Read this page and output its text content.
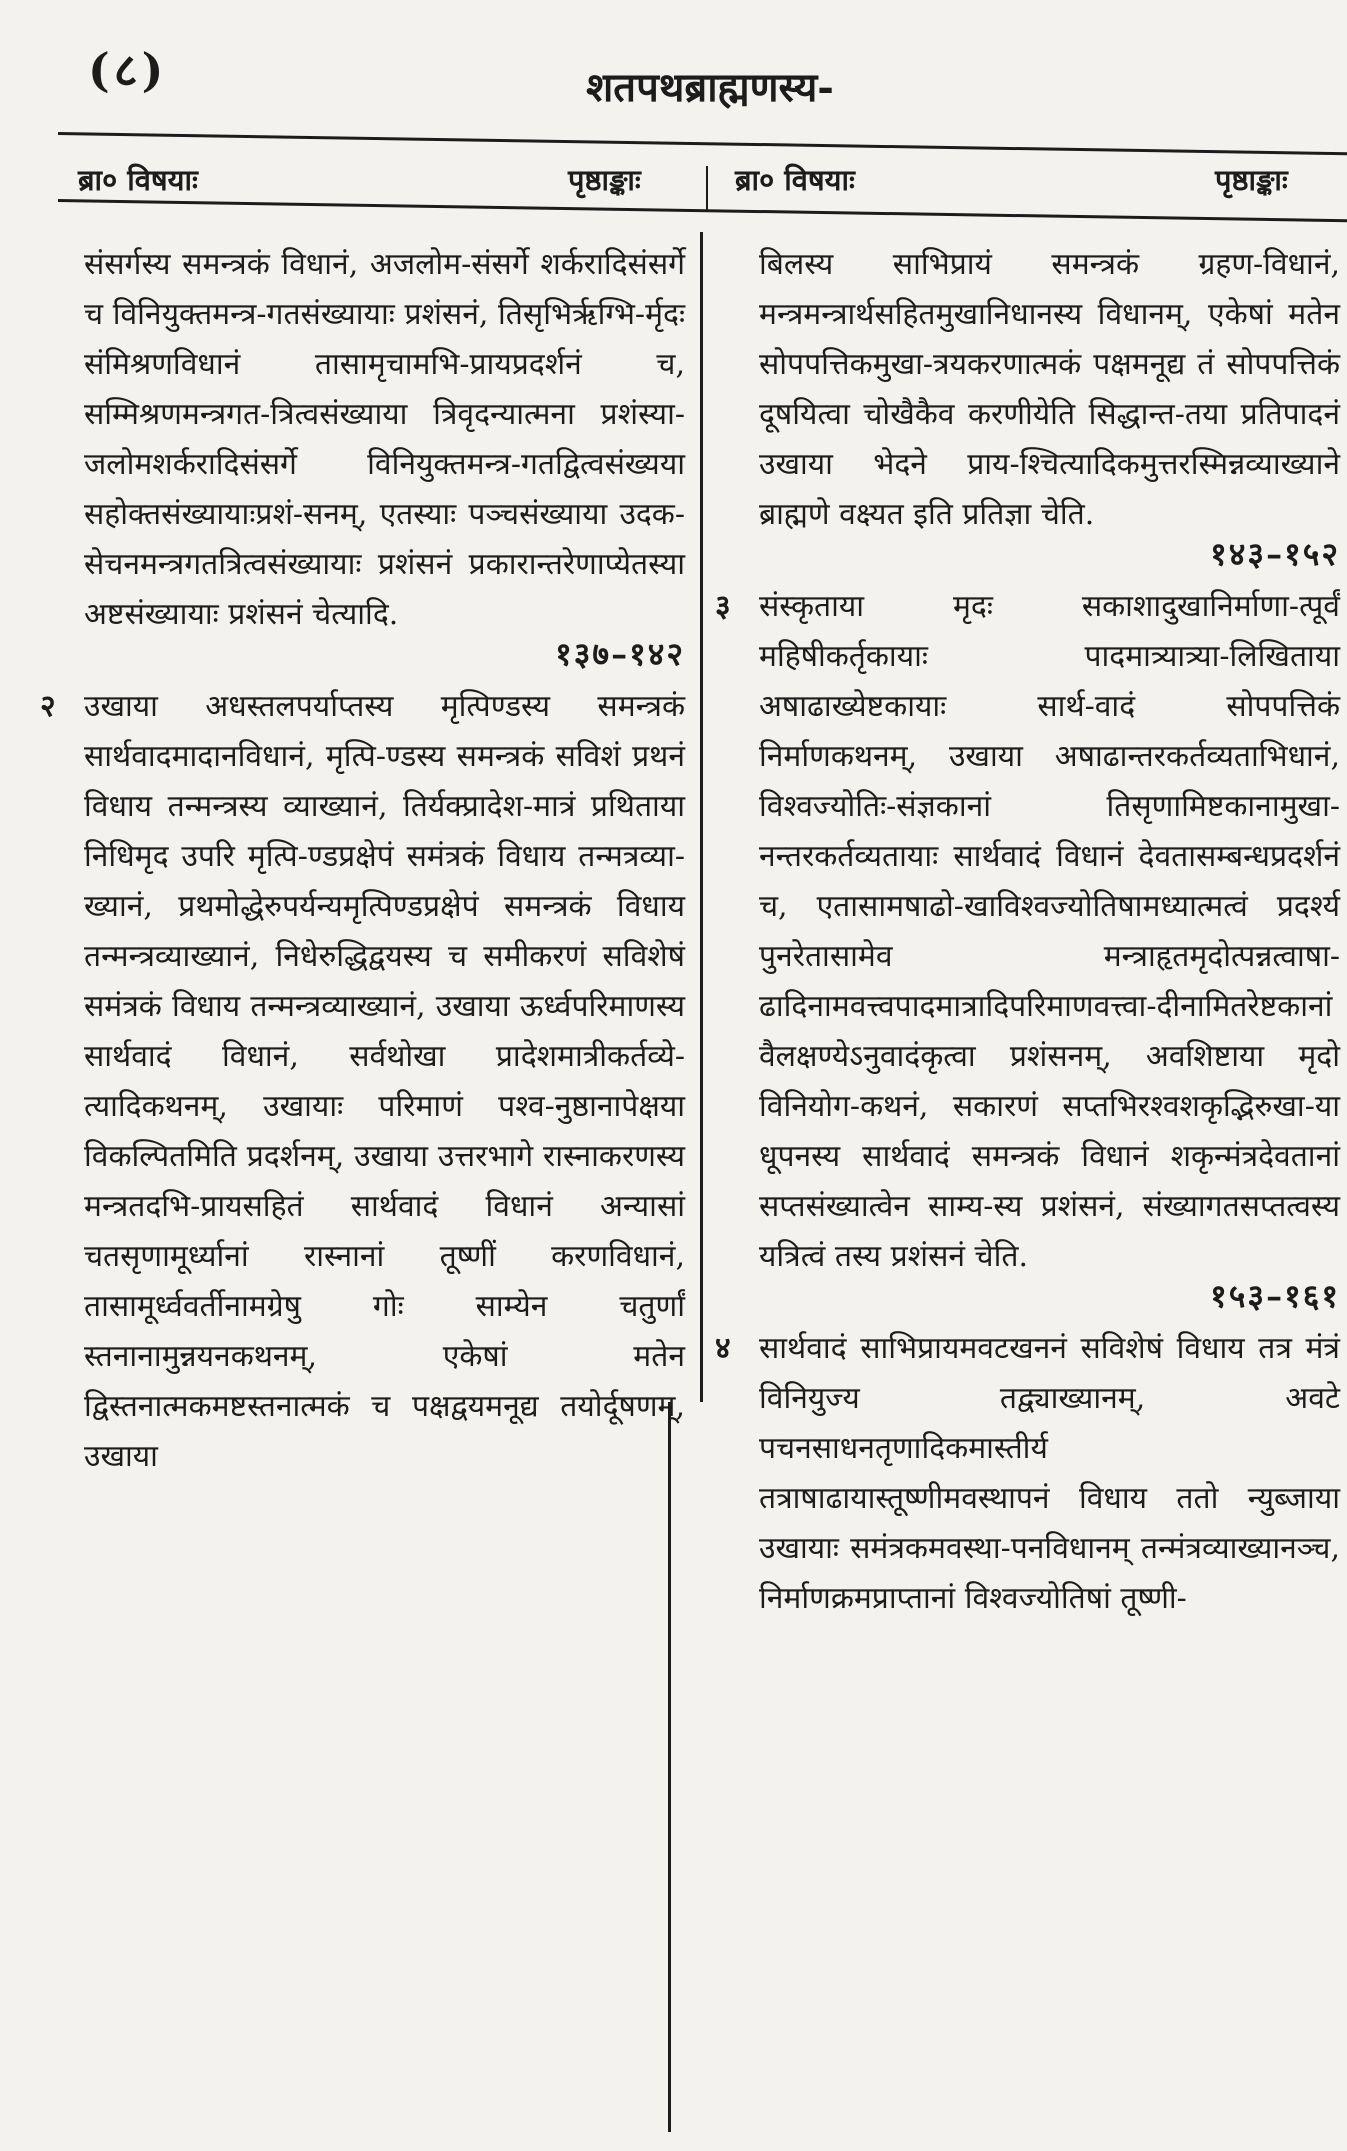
(८)	शतपथब्राह्मणस्य-
ब्रा० विषयाः	पृष्ठाङ्काः	ब्रा० विषयाः	पृष्ठाङ्काः
संसर्गस्य समन्त्रकं विधानं, अजलोम-संसर्गे शर्करादिसंसर्गे च विनियुक्तमन्त्र-गतसंख्यायाः प्रशंसनं, तिसृभिर्ऋग्भि-र्मृदः संमिश्रणविधानं तासामृचामभि-प्रायप्रदर्शनं च, सम्मिश्रणमन्त्रगत-त्रित्वसंख्याया त्रिवृदन्यात्मना प्रशंस्या-जलोमशर्करादिसंसर्गे विनियुक्तमन्त्र-गतद्वित्वसंख्यया सहोक्तसंख्यायाःप्रशं-सनम्, एतस्याः पञ्चसंख्याया उदक-सेचनमन्त्रगतत्रित्वसंख्यायाः प्रशंसनं प्रकारान्तरेणाप्येतस्या अष्टसंख्यायाः प्रशंसनं चेत्यादि.
१३७–१४२
२ उखाया अधस्तलपर्याप्तस्य मृत्पिण्डस्य समन्त्रकं सार्थवादमादानविधानं, मृत्पि-ण्डस्य समन्त्रकं सविशं प्रथनं विधाय तन्मन्त्रस्य व्याख्यानं, तिर्यक्प्रादेश-मात्रं प्रथिताया निधिमृद उपरि मृत्पि-ण्डप्रक्षेपं समंत्रकं विधाय तन्मत्रव्या-ख्यानं, प्रथमोद्धेरुपर्यन्यमृत्पिण्डप्रक्षेपं समन्त्रकं विधाय तन्मन्त्रव्याख्यानं, निधेरुद्धिद्वयस्य च समीकरणं सविशेषं समंत्रकं विधाय तन्मन्त्रव्याख्यानं, उखाया ऊर्ध्वपरिमाणस्य सार्थवादं विधानं, सर्वथोखा प्रादेशमात्रीकर्तव्ये-त्यादिकथनम्, उखायाः परिमाणं पश्व-नुष्ठानापेक्षया विकल्पितमिति प्रदर्शनम्, उखाया उत्तरभागे रास्नाकरणस्य मन्त्रतदभि-प्रायसहितं सार्थवादं विधानं अन्यासां चतसृणामूर्ध्यानां रास्नानां तूष्णीं करणविधानं, तासामूर्ध्ववर्तीनामग्रेषु गोः साम्येन चतुर्णां स्तनानामुन्नयनकथनम्, एकेषां मतेन द्विस्तनात्मकमष्टस्तनात्मकं च पक्षद्वयमनूद्य तयोर्दूषणम्, उखाया
बिलस्य साभिप्रायं समन्त्रकं ग्रहण-विधानं, मन्त्रमन्त्रार्थसहितमुखानिधानस्य विधानम्, एकेषां मतेन सोपपत्तिकमुखा-त्रयकरणात्मकं पक्षमनूद्य तं सोपपत्तिकं दूषयित्वा चोखैकैव करणीयेति सिद्धान्त-तया प्रतिपादनं उखाया भेदने प्राय-श्चित्यादिकमुत्तरस्मिन्नव्याख्याने ब्राह्मणे वक्ष्यत इति प्रतिज्ञा चेति.
१४३–१५२
३ संस्कृताया मृदः सकाशादुखानिर्माणा-त्पूर्वं महिषीकर्तृकायाः पादमात्र्यात्र्या-लिखिताया अषाढाख्येष्टकायाः सार्थ-वादं सोपपत्तिकं निर्माणकथनम्, उखाया अषाढान्तरकर्तव्यताभिधानं, विश्वज्योतिः-संज्ञकानां तिसृणामिष्टकानामुखा-नन्तरकर्तव्यतायाः सार्थवादं विधानं देवतासम्बन्धप्रदर्शनं च, एतासामषाढो-खाविश्वज्योतिषामध्यात्मत्वं प्रदर्श्य पुनरेतासामेव मन्त्राहृतमृदोत्पन्नत्वाषा-ढादिनामवत्त्वपादमात्रादिपरिमाणवत्त्वा-दीनामितरेष्टकानां वैलक्षण्येऽनुवादंकृत्वा प्रशंसनम्, अवशिष्टाया मृदो विनियोग-कथनं, सकारणं सप्तभिरश्वशकृद्भिरुखा-या धूपनस्य सार्थवादं समन्त्रकं विधानं शकृन्मंत्रदेवतानां सप्तसंख्यात्वेन साम्य-स्य प्रशंसनं, संख्यागतसप्तत्वस्य यत्रित्वं तस्य प्रशंसनं चेति.
१५३–१६१
४ सार्थवादं साभिप्रायमवटखननं सविशेषं विधाय तत्र मंत्रं विनियुज्य तद्व्याख्यानम्, अवटे पचनसाधनतृणादिकमास्तीर्य तत्राषाढायास्तूष्णीमवस्थापनं विधाय ततो न्युब्जाया उखायाः समंत्रकमवस्था-पनविधानम् तन्मंत्रव्याख्यानञ्च, निर्माणक्रमप्राप्तानां विश्वज्योतिषां तूष्णी-
